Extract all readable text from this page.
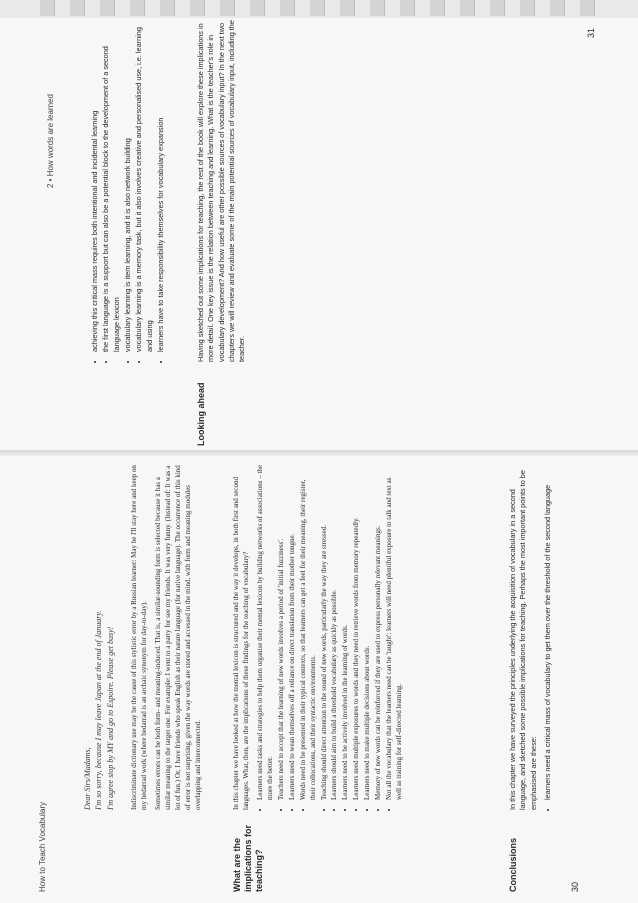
How to Teach Vocabulary
Dear Sirs/Madams, I'm so sorry, because I may leave Japan at the end of January. I'm agree stop by MY and go to Espoire. Please get busy! Indiscriminate dictionary use may be the cause of this stylistic error by a Russian learner: May be I'll stay here and keep on my bedarrad work (where bedarrad is an archaic synonym for day-to-day). Sometimes errors can be both form- and meaning-induced. That is, a similar-sounding form is selected because it has a similar meaning to the target one. For example: I went to a party for see my friends. It was very funny. (Instead of: It was a lot of fun.) Or, I have friends who speak English as their nature language (for native language). The occurrence of this kind of error is not surprising, given the way words are stored and accessed in the mind, with form and meaning modules overlapping and interconnected.

What are the implications for teaching?

In this chapter we have looked at how the mental lexicon is structured and the way it develops, in both first and second languages. What, then, are the implications of these findings for the teaching of vocabulary? • Learners need tasks and strategies to help them organise their mental lexicon by building networks of associations – the more the better. • Teachers need to accept that the learning of new words involves a period of 'initial fuzziness'. • Learners need to wean themselves off a reliance on direct translation from their mother tongue. • Words need to be presented in their typical contexts, so that learners can get a feel for their meaning, their register, their collocations, and their syntactic environments. • Teaching should direct attention to the sound of new words, particularly the way they are stressed. • Learners should aim to build a threshold vocabulary as quickly as possible. • Learners need to be actively involved in the learning of words. • Learners need multiple exposures to words and they need to retrieve words from memory repeatedly. • Learners need to make multiple decisions about words. • Memory of new words can be reinforced if they are used to express personally relevant meanings. • Not all the vocabulary that the learners need can be 'taught': learners will need plentiful exposure to talk and text as well as training for self-directed learning.
Conclusions

In this chapter we have surveyed the principles underlying the acquisition of vocabulary in a second language, and sketched some possible implications for teaching. Perhaps the most important points to be emphasised are these: • learners need a critical mass of vocabulary to get them over the threshold of the second language
30
2 • How words are learned	• achieving this critical mass requires both intentional and incidental learning • the first language is a support but can also be a potential block to the development of a second language lexicon • vocabulary learning is item learning, and it is also network building • vocabulary learning is a memory task, but it also involves creative and personalised use, i.e. learning and using • learners have to take responsibility themselves for vocabulary expansion
Looking ahead
Having sketched out some implications for teaching, the rest of the book will explore these implications in more detail. One key issue is the relation between teaching and learning. What is the teacher's role in vocabulary development? And how useful are other possible sources of vocabulary input? In the next two chapters we will review and evaluate some of the main potential sources of vocabulary input, including the teacher.
31
